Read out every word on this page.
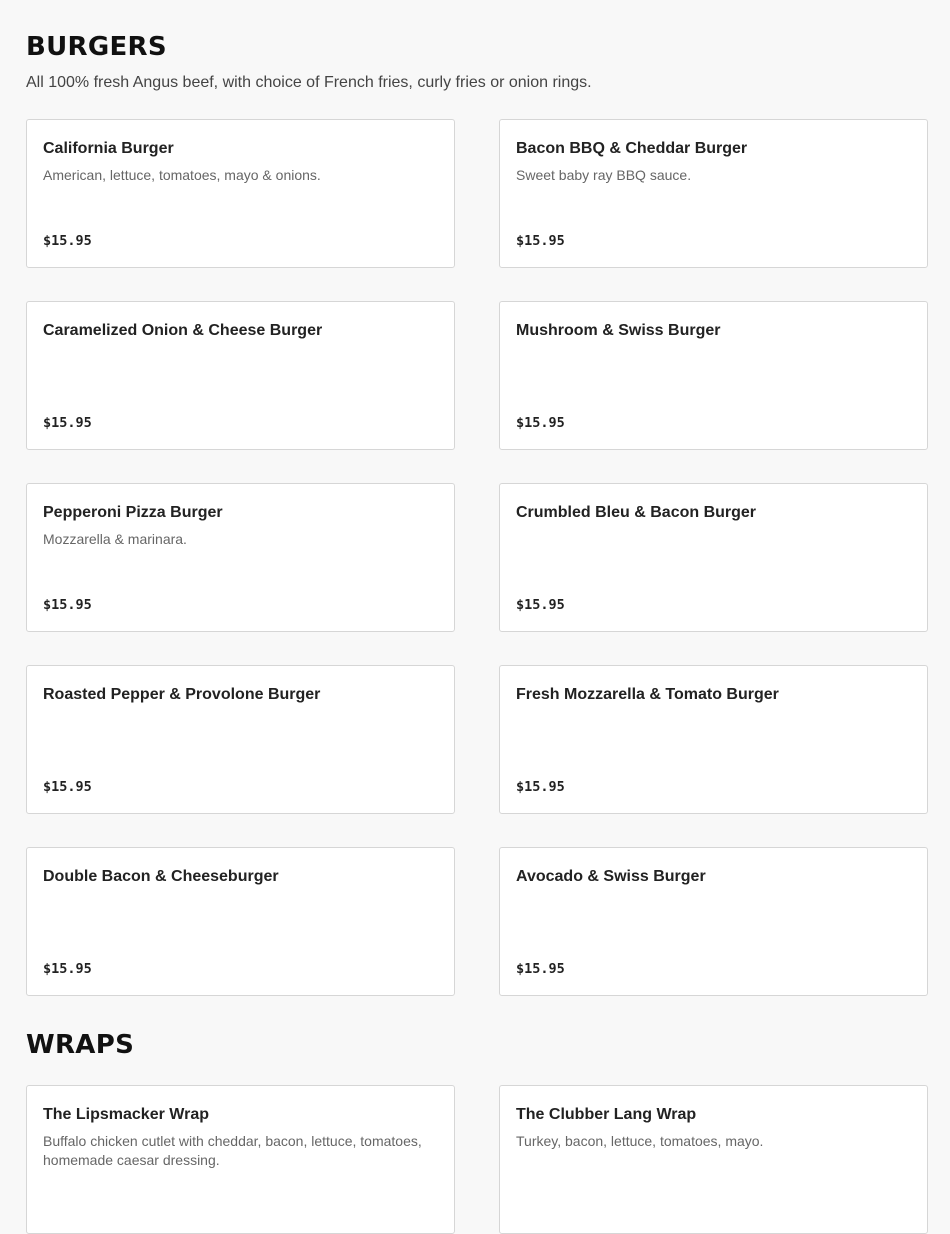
BURGERS

All 100% fresh Angus beef, with choice of French fries, curly fries or onion rings.

California Burger
American, lettuce, tomatoes, mayo & onions.
$15.95
Bacon BBQ & Cheddar Burger
Sweet baby ray BBQ sauce.
$15.95
Caramelized Onion & Cheese Burger
$15.95
Mushroom & Swiss Burger
$15.95
Pepperoni Pizza Burger
Mozzarella & marinara.
$15.95
Crumbled Bleu & Bacon Burger
$15.95
Roasted Pepper & Provolone Burger
$15.95
Fresh Mozzarella & Tomato Burger
$15.95
Double Bacon & Cheeseburger
$15.95
Avocado & Swiss Burger
$15.95
WRAPS
The Lipsmacker Wrap
Buffalo chicken cutlet with cheddar, bacon, lettuce, tomatoes, homemade caesar dressing.
The Clubber Lang Wrap
Turkey, bacon, lettuce, tomatoes, mayo.
